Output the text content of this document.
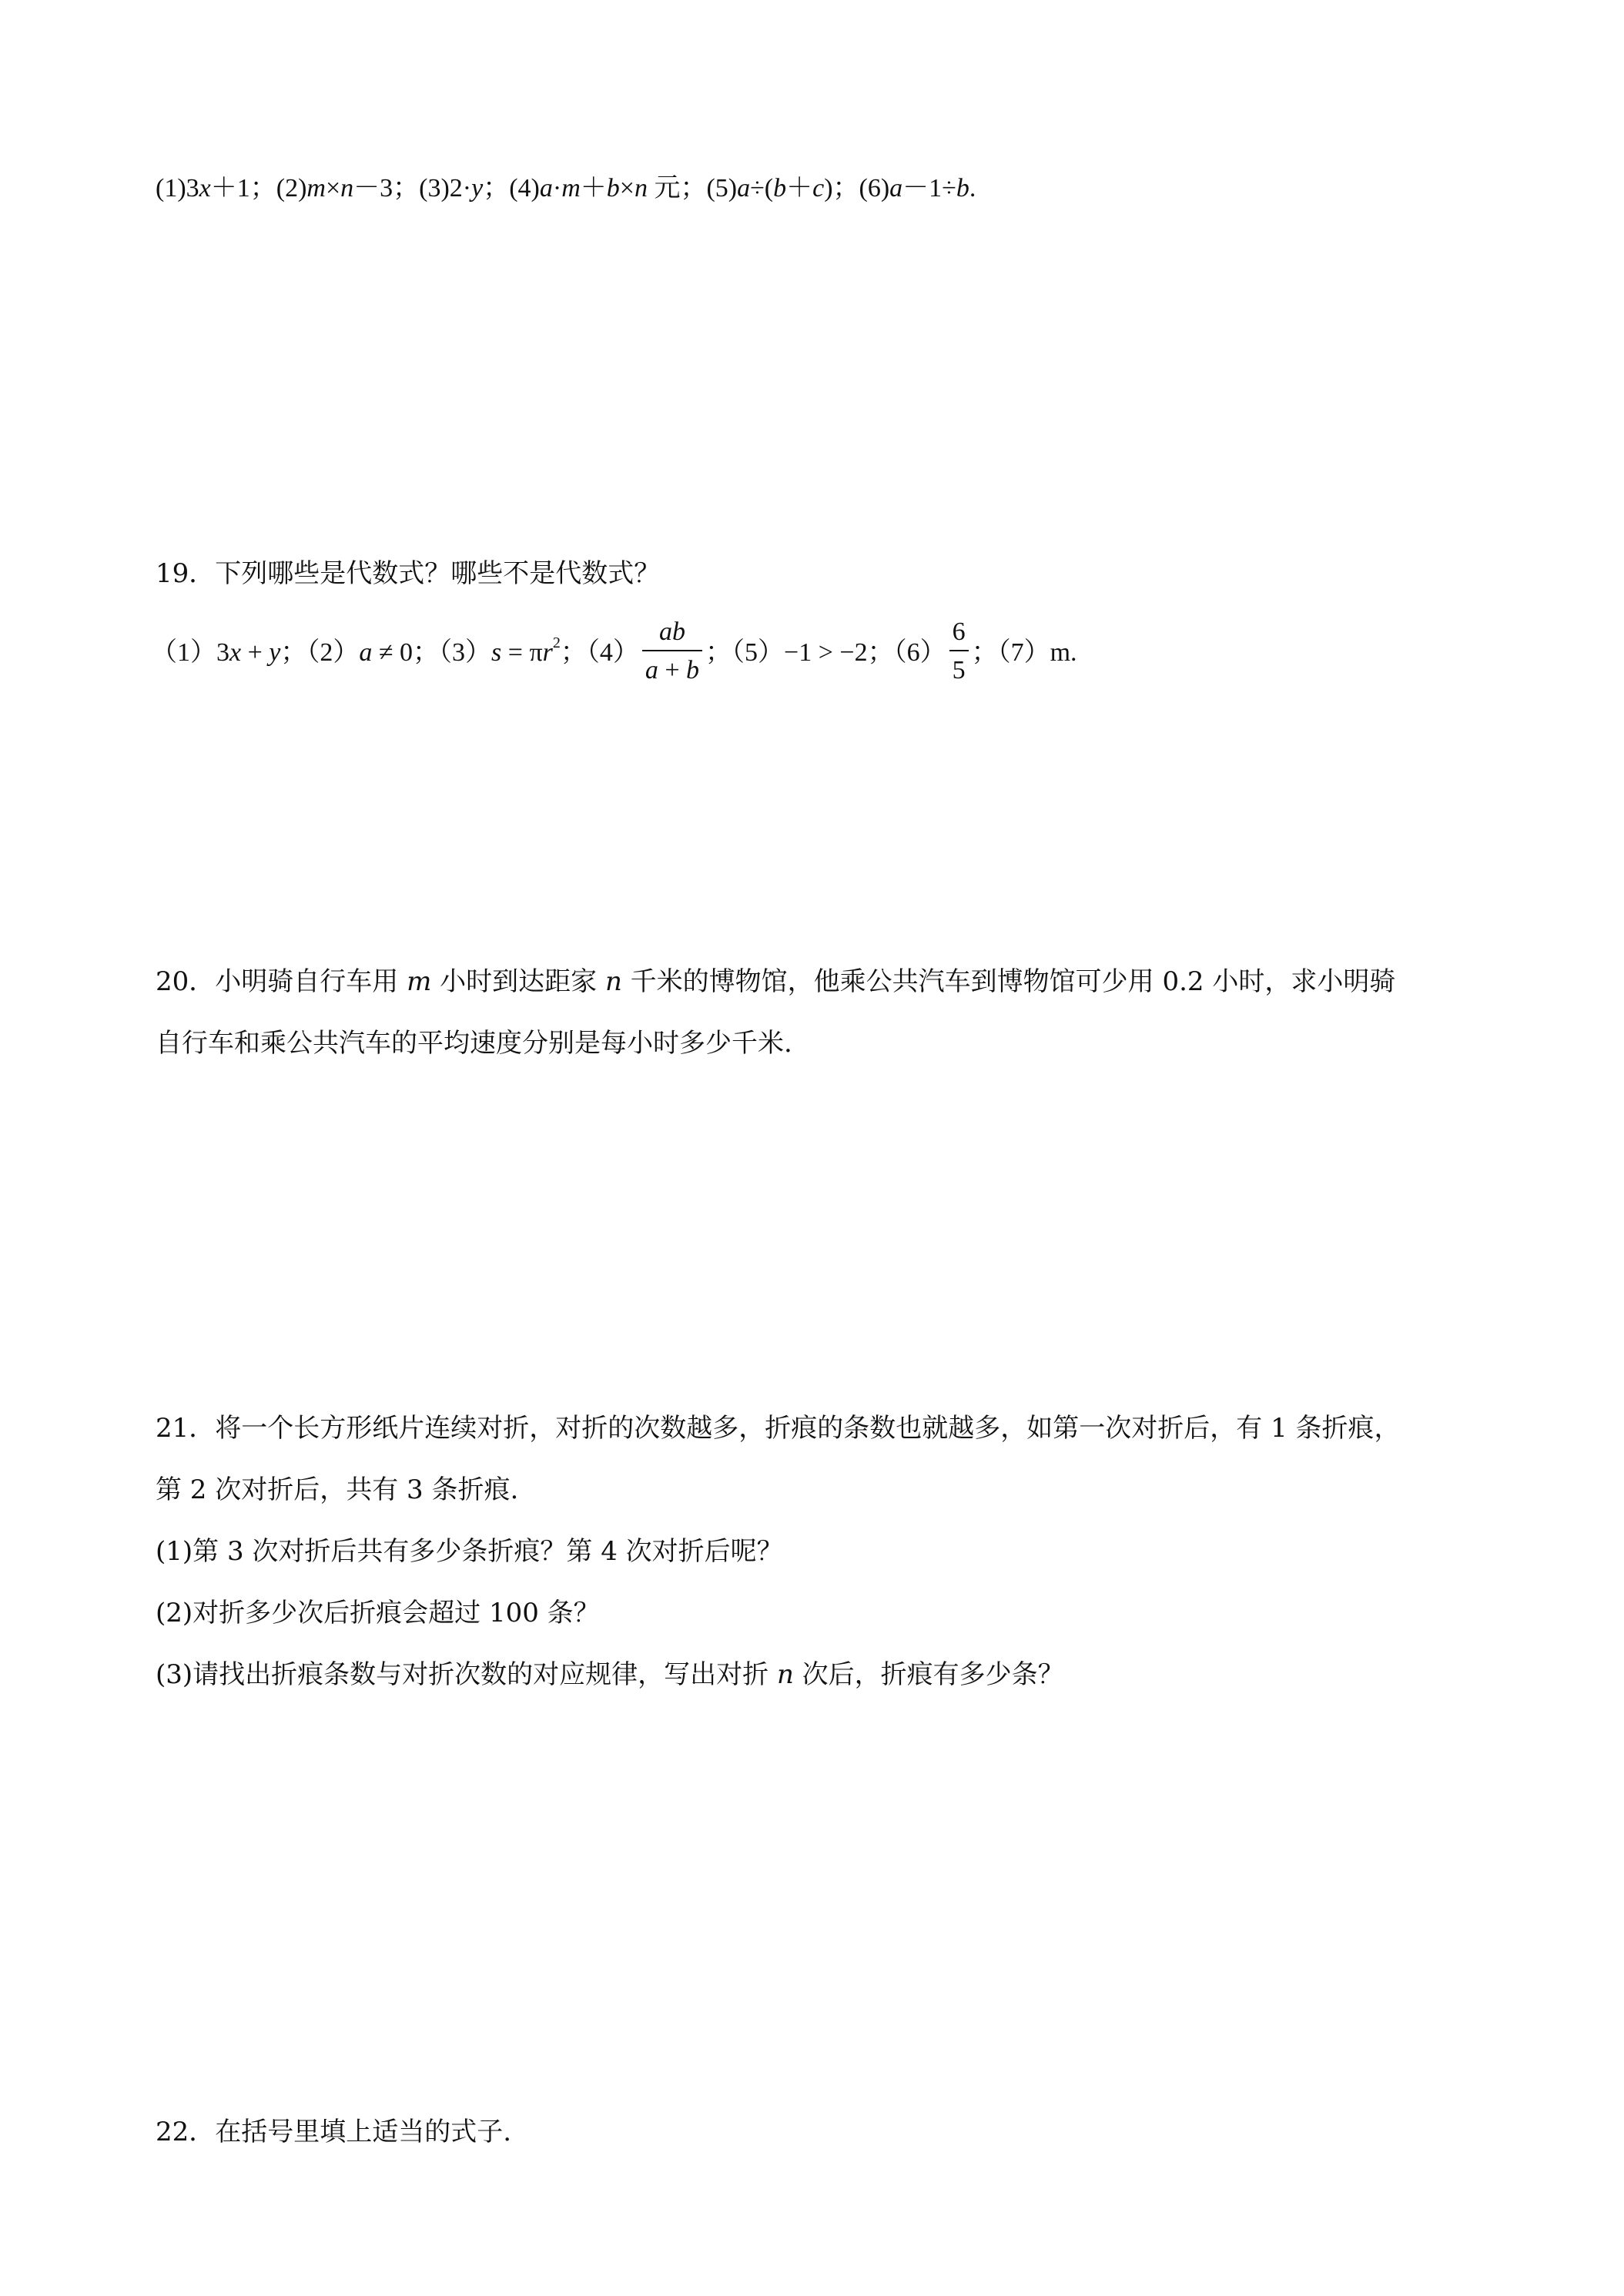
(1)3x＋1；(2)m×n－3；(3)2·y；(4)a·m＋b×n 元；(5)a÷(b＋c)；(6)a－1÷b.
19．下列哪些是代数式？哪些不是代数式？
（1）3x + y；（2）a ≠ 0；$(3)s = \pi r^2$；$(4) \frac{ab}{a + b}$ ；（5）−1 > −2；$(6) \frac{6}{5}$ ；（7）m.
20．小明骑自行车用 m 小时到达距家 n 千米的博物馆，他乘公共汽车到博物馆可少用 0.2 小时，求小明骑
自行车和乘公共汽车的平均速度分别是每小时多少千米.
21．将一个长方形纸片连续对折，对折的次数越多，折痕的条数也就越多，如第一次对折后，有 1 条折痕，
第 2 次对折后，共有 3 条折痕.
(1)第 3 次对折后共有多少条折痕？第 4 次对折后呢？
(2)对折多少次后折痕会超过 100 条？
(3)请找出折痕条数与对折次数的对应规律，写出对折 n 次后，折痕有多少条？
22．在括号里填上适当的式子.
